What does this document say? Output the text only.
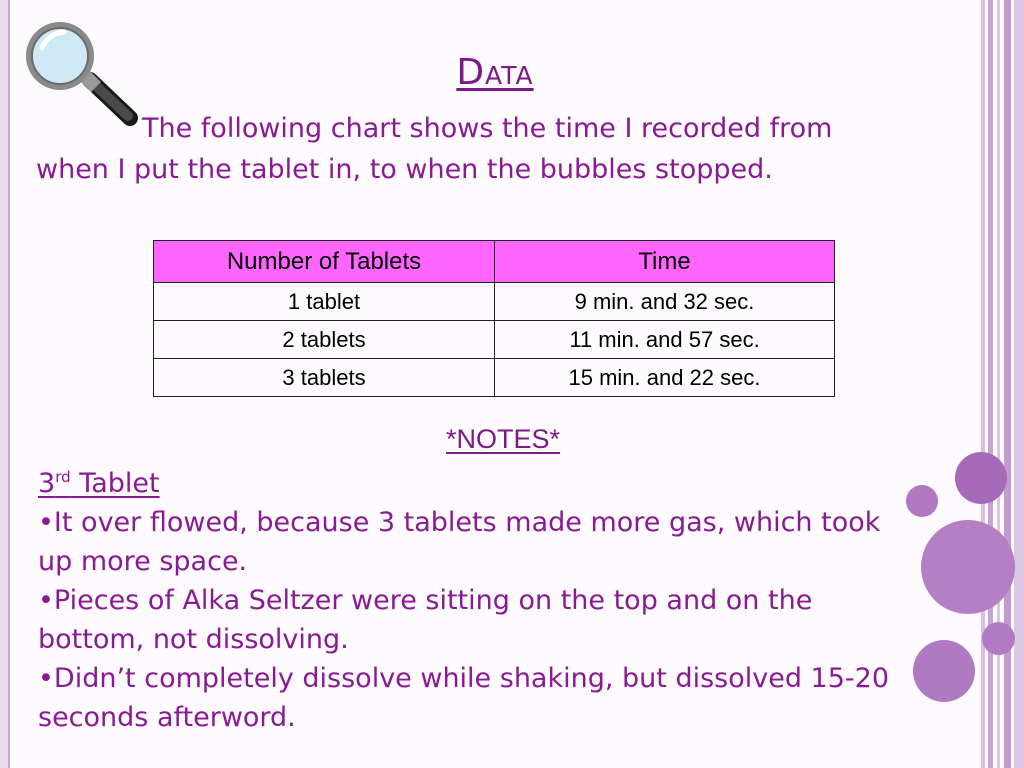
Data
The following chart shows the time I recorded from when I put the tablet in, to when the bubbles stopped.
Number of Tablets	Time
1 tablet	9 min. and 32 sec.
2 tablets	11 min. and 57 sec.
3 tablets	15 min. and 22 sec.
*NOTES*
3rd Tablet
•It over flowed, because 3 tablets made more gas, which took up more space.
•Pieces of Alka Seltzer were sitting on the top and on the bottom, not dissolving.
•Didn’t completely dissolve while shaking, but dissolved 15-20 seconds afterword.
